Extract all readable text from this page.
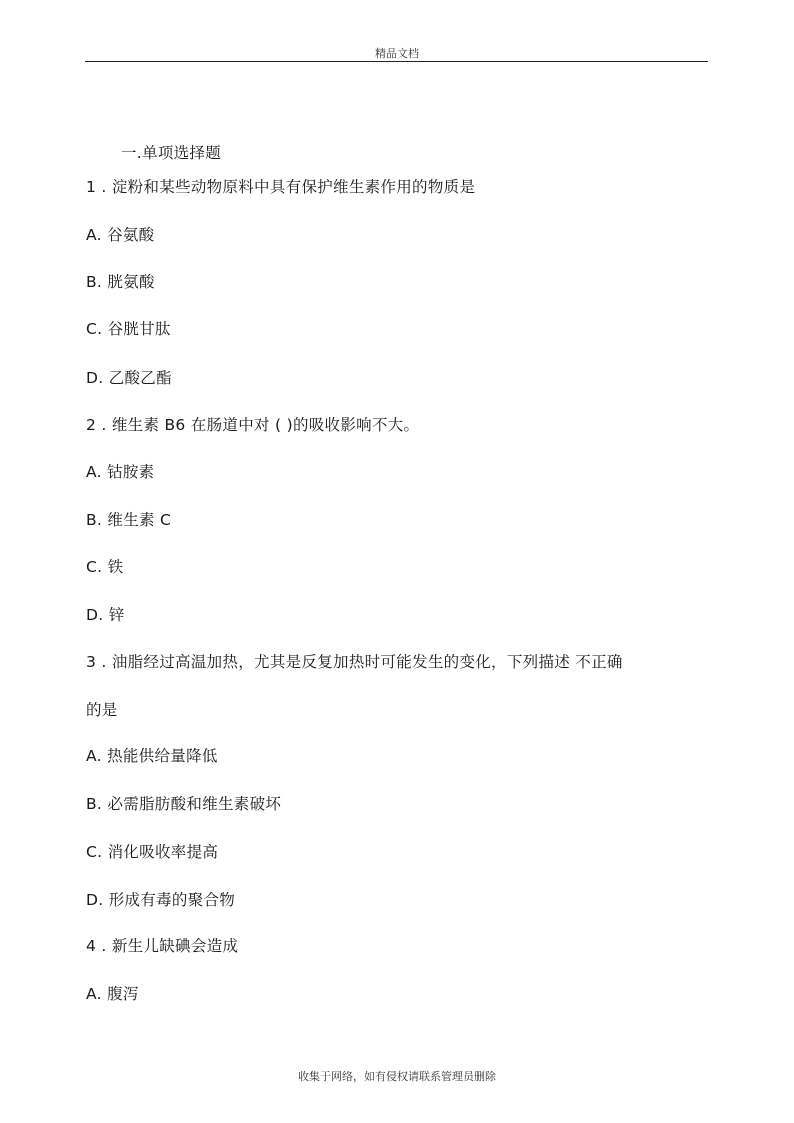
精品文档
一.单项选择题
1 . 淀粉和某些动物原料中具有保护维生素作用的物质是
A. 谷氨酸
B. 胱氨酸
C. 谷胱甘肽
D. 乙酸乙酯
2 . 维生素 B6 在肠道中对 ( )的吸收影响不大。
A. 钴胺素
B. 维生素 C
C. 铁
D. 锌
3 . 油脂经过高温加热，尤其是反复加热时可能发生的变化，下列描述 不正确
的是
A. 热能供给量降低
B. 必需脂肪酸和维生素破坏
C. 消化吸收率提高
D. 形成有毒的聚合物
4 . 新生儿缺碘会造成
A. 腹泻
收集于网络，如有侵权请联系管理员删除
